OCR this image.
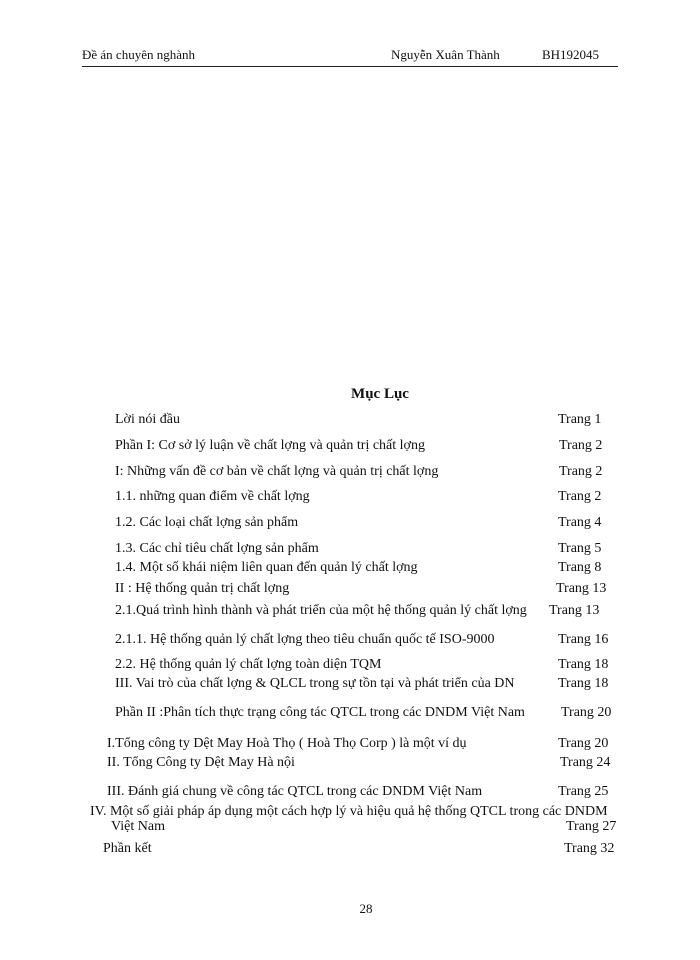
Đề án chuyên nghành	Nguyễn Xuân Thành	BH192045
Mục Lục
Lời nói đầu	Trang 1
Phần I: Cơ sở lý luận về chất lợng và quản trị chất lợng	Trang 2
I: Những vấn đề cơ bản về chất lợng và quản trị chất lợng	Trang 2
1.1. những quan điểm về chất lợng	Trang 2
1.2. Các loại chất lợng sản phẩm	Trang 4
1.3. Các chỉ tiêu chất lợng sản phẩm	Trang 5
1.4. Một số khái niệm liên quan đến quản lý chất lợng	Trang 8
II : Hệ thống quản trị chất lợng	Trang 13
2.1.Quá trình hình thành và phát triển của một hệ thống quản lý chất lợng Trang 13
2.1.1. Hệ thống quản lý chất lợng theo tiêu chuẩn quốc tế ISO-9000	Trang 16
2.2. Hệ thống quản lý chất lợng toàn diện TQM	Trang 18
III. Vai trò của chất lợng & QLCL trong sự tồn tại và phát triển của DN	Trang 18
Phần II :Phân tích thực trạng công tác QTCL trong các DNDM Việt Nam	Trang 20
I.Tổng công ty Dệt May Hoà Thọ ( Hoà Thọ Corp ) là một ví dụ	Trang 20
II. Tổng Công ty Dệt May Hà nội	Trang 24
III. Đánh giá chung về công tác QTCL trong các DNDM Việt Nam	Trang 25
IV. Một số giải pháp áp dụng một cách hợp lý và hiệu quả hệ thống QTCL trong các DNDM
Việt Nam	Trang 27
Phần kết	Trang 32
28
